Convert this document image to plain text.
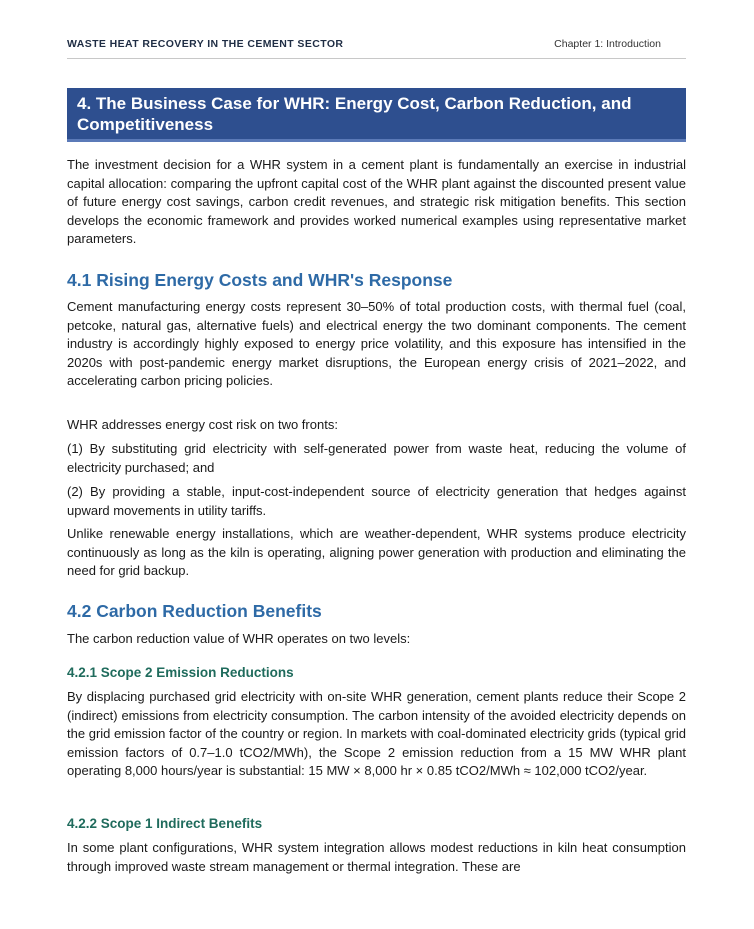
WASTE HEAT RECOVERY IN THE CEMENT SECTOR	Chapter 1: Introduction
4. The Business Case for WHR: Energy Cost, Carbon Reduction, and Competitiveness

The investment decision for a WHR system in a cement plant is fundamentally an exercise in industrial capital allocation: comparing the upfront capital cost of the WHR plant against the discounted present value of future energy cost savings, carbon credit revenues, and strategic risk mitigation benefits. This section develops the economic framework and provides worked numerical examples using representative market parameters.

4.1 Rising Energy Costs and WHR's Response

Cement manufacturing energy costs represent 30–50% of total production costs, with thermal fuel (coal, petcoke, natural gas, alternative fuels) and electrical energy the two dominant components. The cement industry is accordingly highly exposed to energy price volatility, and this exposure has intensified in the 2020s with post-pandemic energy market disruptions, the European energy crisis of 2021–2022, and accelerating carbon pricing policies.

WHR addresses energy cost risk on two fronts:

(1) By substituting grid electricity with self-generated power from waste heat, reducing the volume of electricity purchased; and

(2) By providing a stable, input-cost-independent source of electricity generation that hedges against upward movements in utility tariffs.

Unlike renewable energy installations, which are weather-dependent, WHR systems produce electricity continuously as long as the kiln is operating, aligning power generation with production and eliminating the need for grid backup.

4.2 Carbon Reduction Benefits

The carbon reduction value of WHR operates on two levels:

4.2.1 Scope 2 Emission Reductions

By displacing purchased grid electricity with on-site WHR generation, cement plants reduce their Scope 2 (indirect) emissions from electricity consumption. The carbon intensity of the avoided electricity depends on the grid emission factor of the country or region. In markets with coal-dominated electricity grids (typical grid emission factors of 0.7–1.0 tCO2/MWh), the Scope 2 emission reduction from a 15 MW WHR plant operating 8,000 hours/year is substantial: 15 MW × 8,000 hr × 0.85 tCO2/MWh ≈ 102,000 tCO2/year.

4.2.2 Scope 1 Indirect Benefits

In some plant configurations, WHR system integration allows modest reductions in kiln heat consumption through improved waste stream management or thermal integration. These are
